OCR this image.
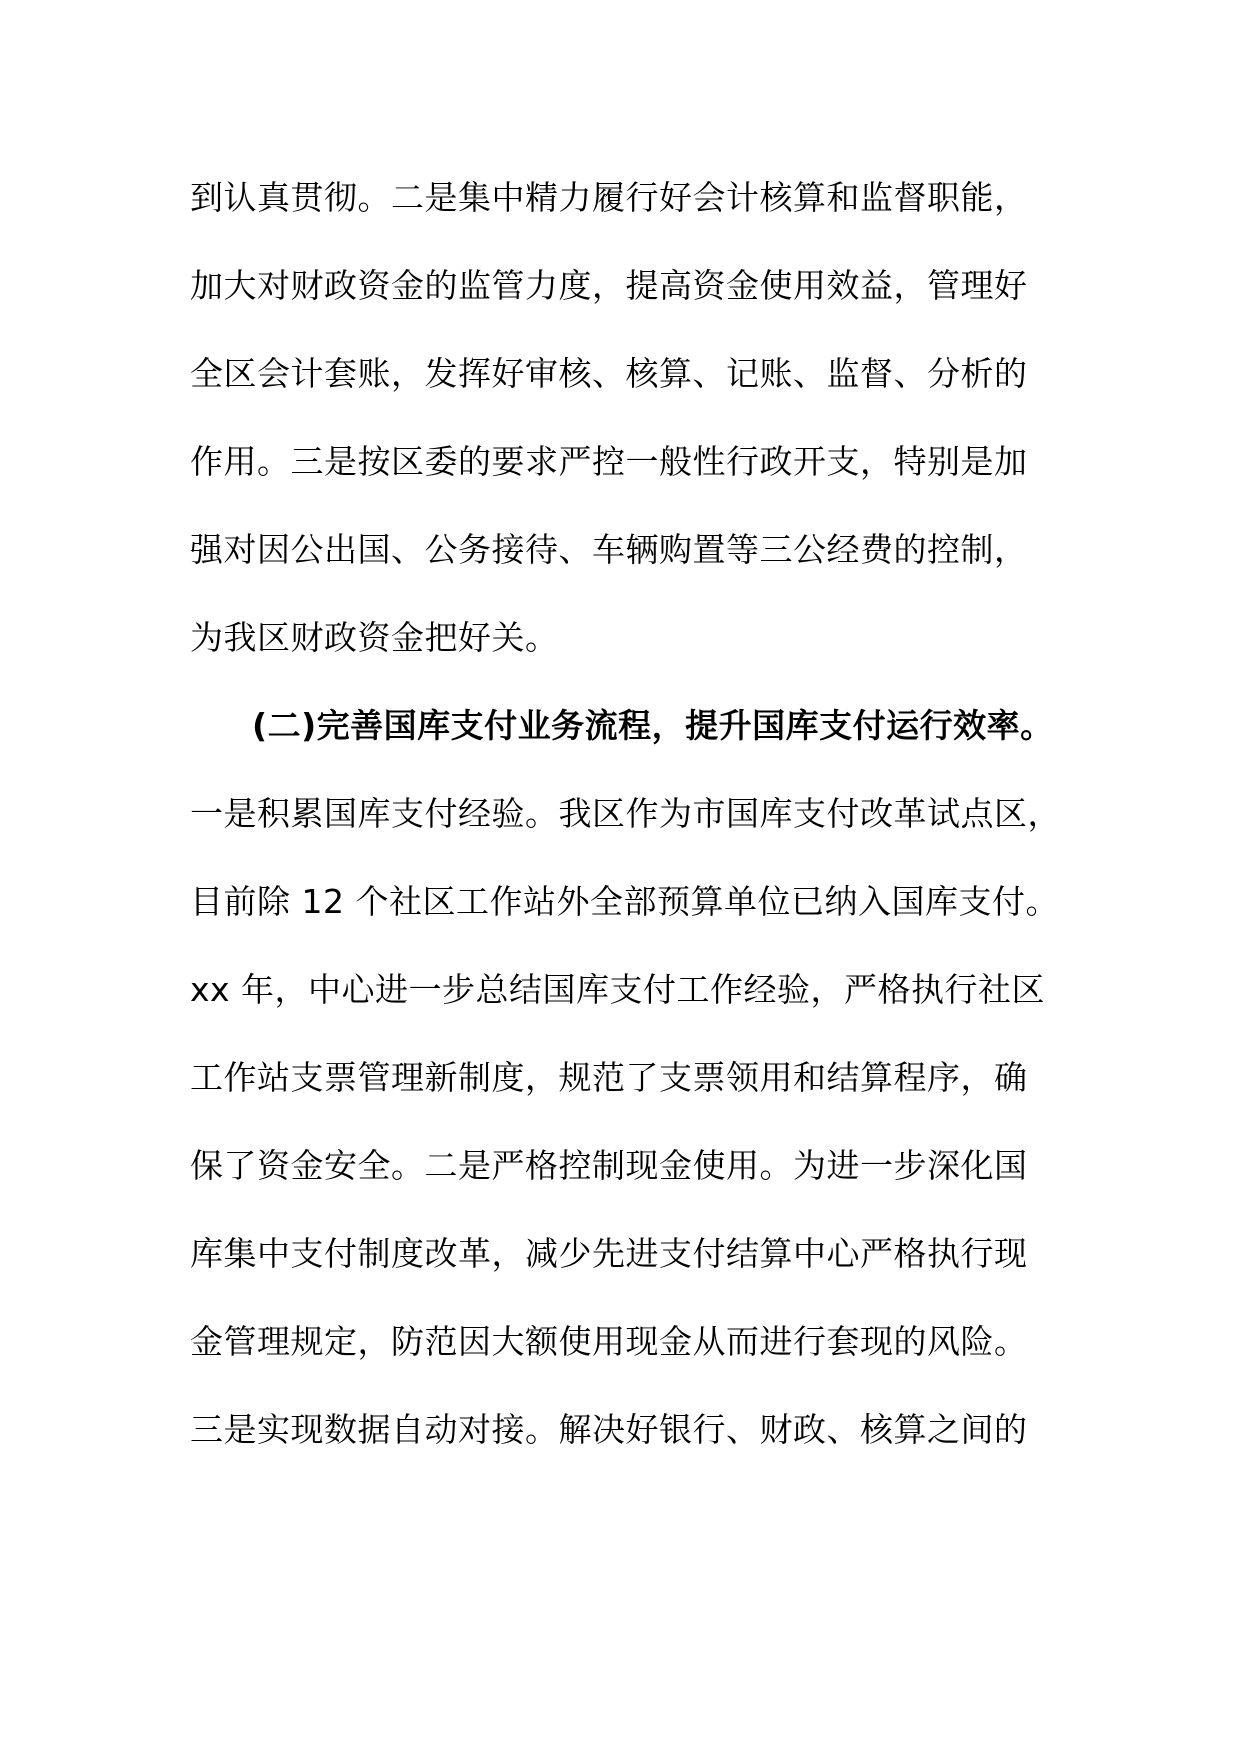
到认真贯彻。二是集中精力履行好会计核算和监督职能，
加大对财政资金的监管力度，提高资金使用效益，管理好
全区会计套账，发挥好审核、核算、记账、监督、分析的
作用。三是按区委的要求严控一般性行政开支，特别是加
强对因公出国、公务接待、车辆购置等三公经费的控制，
为我区财政资金把好关。
(二)完善国库支付业务流程，提升国库支付运行效率。
一是积累国库支付经验。我区作为市国库支付改革试点区，
目前除 12 个社区工作站外全部预算单位已纳入国库支付。
xx 年，中心进一步总结国库支付工作经验，严格执行社区
工作站支票管理新制度，规范了支票领用和结算程序，确
保了资金安全。二是严格控制现金使用。为进一步深化国
库集中支付制度改革，减少先进支付结算中心严格执行现
金管理规定，防范因大额使用现金从而进行套现的风险。
三是实现数据自动对接。解决好银行、财政、核算之间的
